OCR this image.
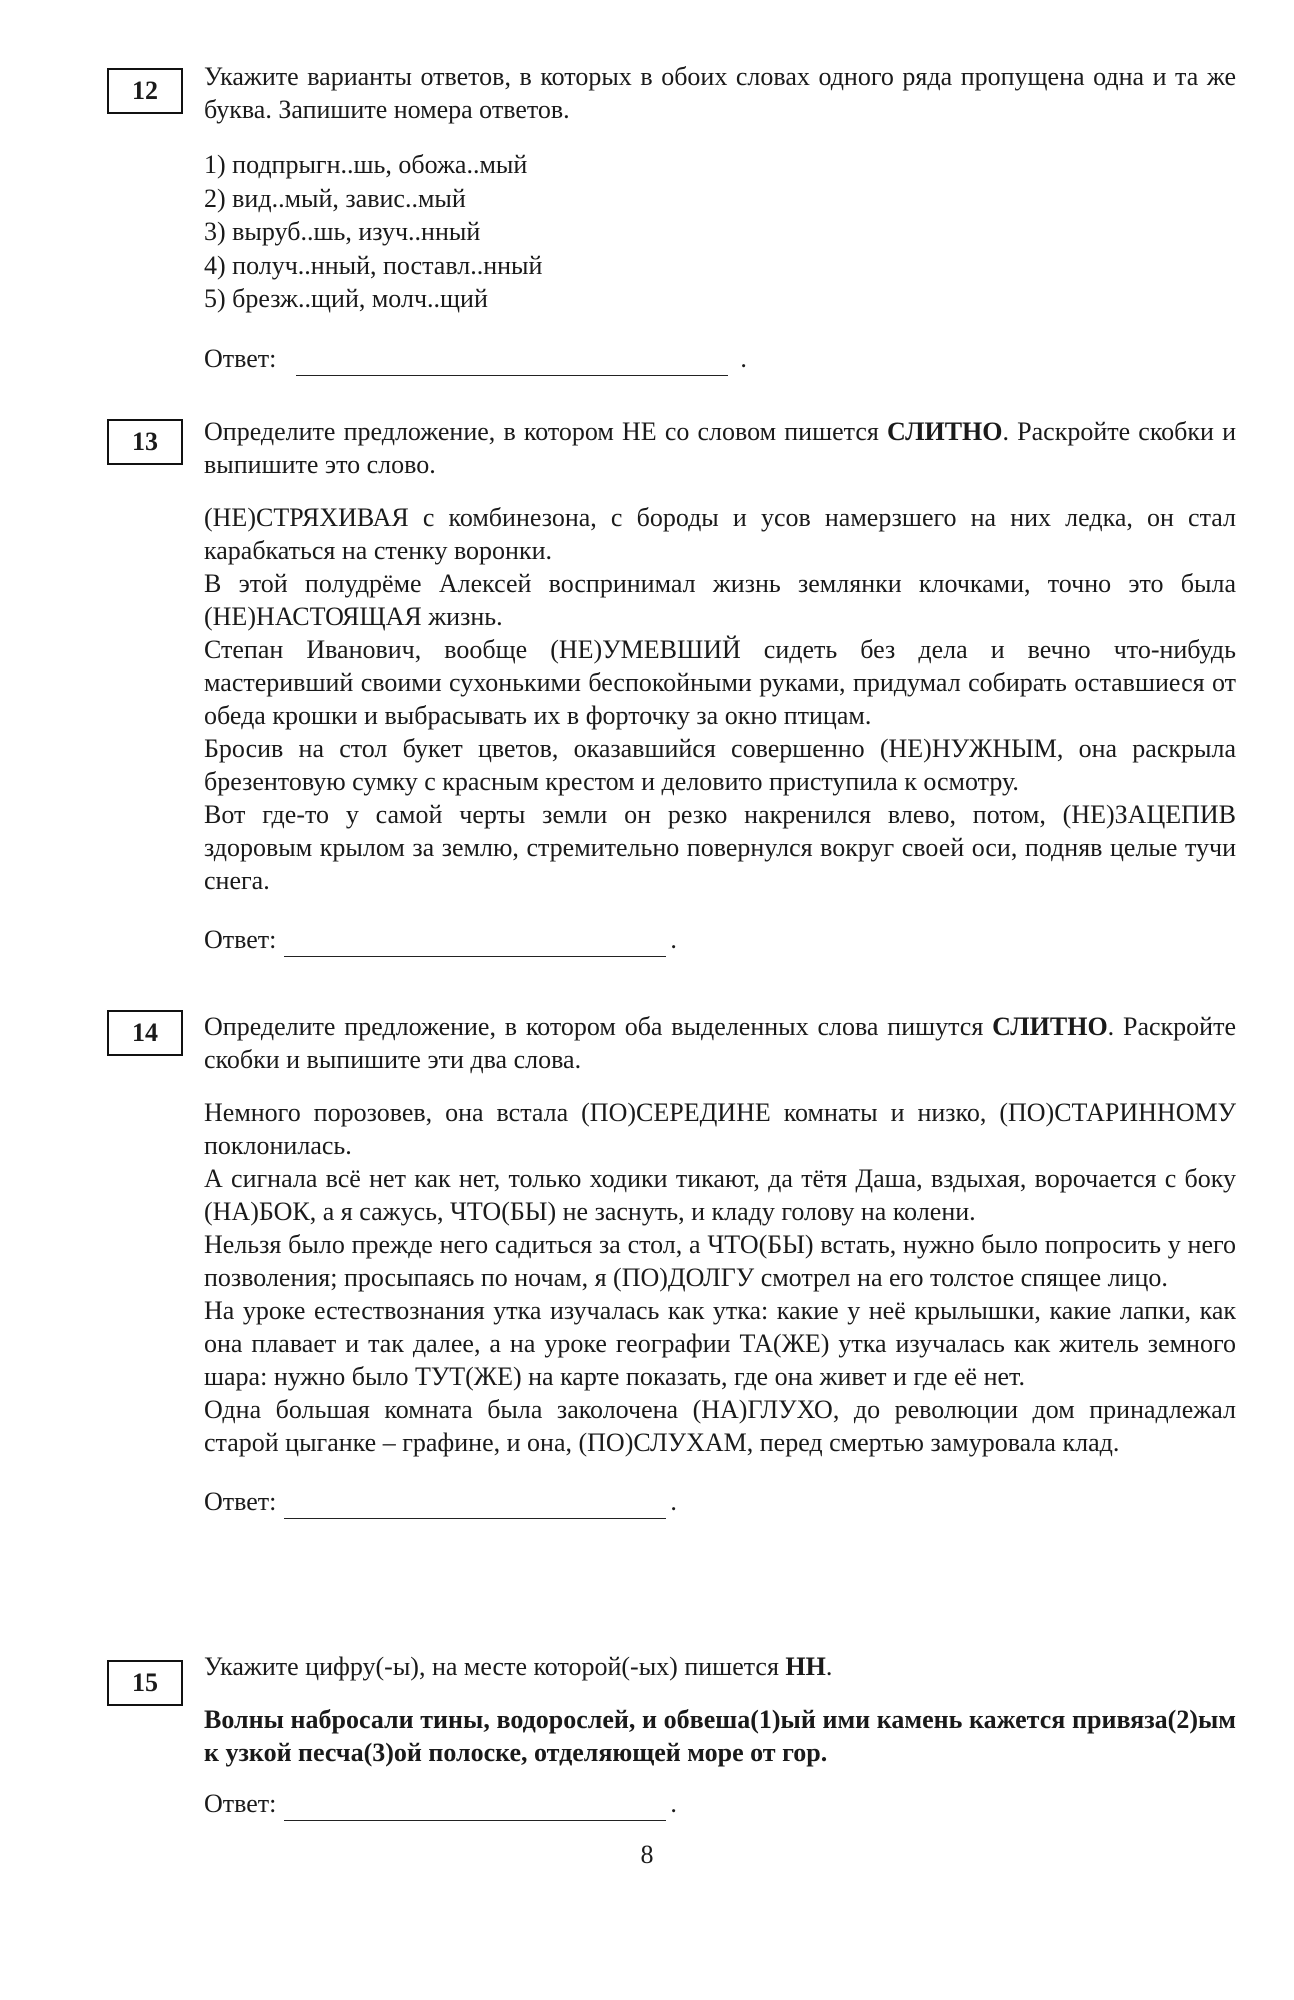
12	Укажите варианты ответов, в которых в обоих словах одного ряда пропущена одна и та же буква. Запишите номера ответов.

1) подпрыгн..шь, обожа..мый
2) вид..мый, завис..мый
3) выруб..шь, изуч..нный
4) получ..нный, поставл..нный
5) брезж..щий, молч..щий
Ответ:	.
13	Определите предложение, в котором НЕ со словом пишется СЛИТНО. Раскройте скобки и выпишите это слово.

(НЕ)СТРЯХИВАЯ с комбинезона, с бороды и усов намерзшего на них ледка, он стал карабкаться на стенку воронки.

В этой полудрёме Алексей воспринимал жизнь землянки клочками, точно это была (НЕ)НАСТОЯЩАЯ жизнь.

Степан Иванович, вообще (НЕ)УМЕВШИЙ сидеть без дела и вечно что-нибудь мастеривший своими сухонькими беспокойными руками, придумал собирать оставшиеся от обеда крошки и выбрасывать их в форточку за окно птицам.

Бросив на стол букет цветов, оказавшийся совершенно (НЕ)НУЖНЫМ, она раскрыла брезентовую сумку с красным крестом и деловито приступила к осмотру.

Вот где-то у самой черты земли он резко накренился влево, потом, (НЕ)ЗАЦЕПИВ здоровым крылом за землю, стремительно повернулся вокруг своей оси, подняв целые тучи снега.

Ответ:	.
14	Определите предложение, в котором оба выделенных слова пишутся СЛИТНО. Раскройте скобки и выпишите эти два слова.

Немного порозовев, она встала (ПО)СЕРЕДИНЕ комнаты и низко, (ПО)СТАРИННОМУ поклонилась.

А сигнала всё нет как нет, только ходики тикают, да тётя Даша, вздыхая, ворочается с боку (НА)БОК, а я сажусь, ЧТО(БЫ) не заснуть, и кладу голову на колени.

Нельзя было прежде него садиться за стол, а ЧТО(БЫ) встать, нужно было попросить у него позволения; просыпаясь по ночам, я (ПО)ДОЛГУ смотрел на его толстое спящее лицо.

На уроке естествознания утка изучалась как утка: какие у неё крылышки, какие лапки, как она плавает и так далее, а на уроке географии ТА(ЖЕ) утка изучалась как житель земного шара: нужно было ТУТ(ЖЕ) на карте показать, где она живет и где её нет.

Одна большая комната была заколочена (НА)ГЛУХО, до революции дом принадлежал старой цыганке – графине, и она, (ПО)СЛУХАМ, перед смертью замуровала клад.

Ответ:	.
15

Укажите цифру(-ы), на месте которой(-ых) пишется НН.

Волны набросали тины, водорослей, и обвеша(1)ый ими камень кажется привяза(2)ым к узкой песча(3)ой полоске, отделяющей море от гор.

Ответ:	.
8
